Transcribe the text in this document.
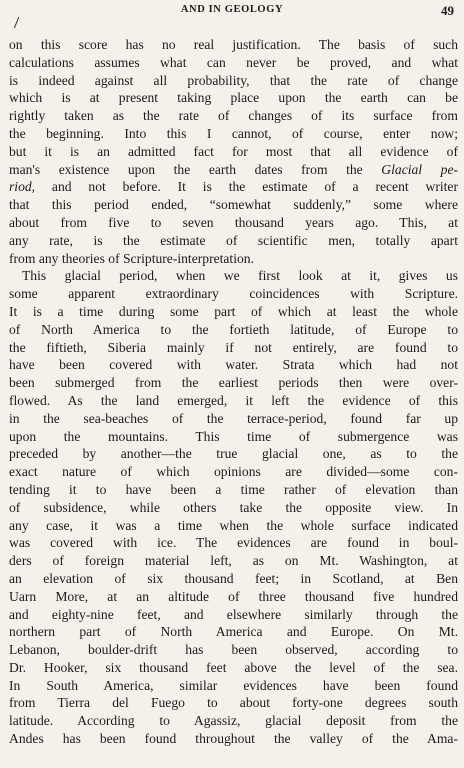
AND IN GEOLOGY	49
on this score has no real justification. The basis of such
calculations assumes what can never be proved, and what
is indeed against all probability, that the rate of change
which is at present taking place upon the earth can be
rightly taken as the rate of changes of its surface from
the beginning. Into this I cannot, of course, enter now;
but it is an admitted fact for most that all evidence of
man's existence upon the earth dates from the Glacial pe-
riod, and not before. It is the estimate of a recent writer
that this period ended, “somewhat suddenly,” some where
about from five to seven thousand years ago. This, at
any rate, is the estimate of scientific men, totally apart
from any theories of Scripture-interpretation.
This glacial period, when we first look at it, gives us
some apparent extraordinary coincidences with Scripture.
It is a time during some part of which at least the whole
of North America to the fortieth latitude, of Europe to
the fiftieth, Siberia mainly if not entirely, are found to
have been covered with water. Strata which had not
been submerged from the earliest periods then were over-
flowed. As the land emerged, it left the evidence of this
in the sea-beaches of the terrace-period, found far up
upon the mountains. This time of submergence was
preceded by another—the true glacial one, as to the
exact nature of which opinions are divided—some con-
tending it to have been a time rather of elevation than
of subsidence, while others take the opposite view. In
any case, it was a time when the whole surface indicated
was covered with ice. The evidences are found in boul-
ders of foreign material left, as on Mt. Washington, at
an elevation of six thousand feet; in Scotland, at Ben
Uarn More, at an altitude of three thousand five hundred
and eighty-nine feet, and elsewhere similarly through the
northern part of North America and Europe. On Mt.
Lebanon, boulder-drift has been observed, according to
Dr. Hooker, six thousand feet above the level of the sea.
In South America, similar evidences have been found
from Tierra del Fuego to about forty-one degrees south
latitude. According to Agassiz, glacial deposit from the
Andes has been found throughout the valley of the Ama-
